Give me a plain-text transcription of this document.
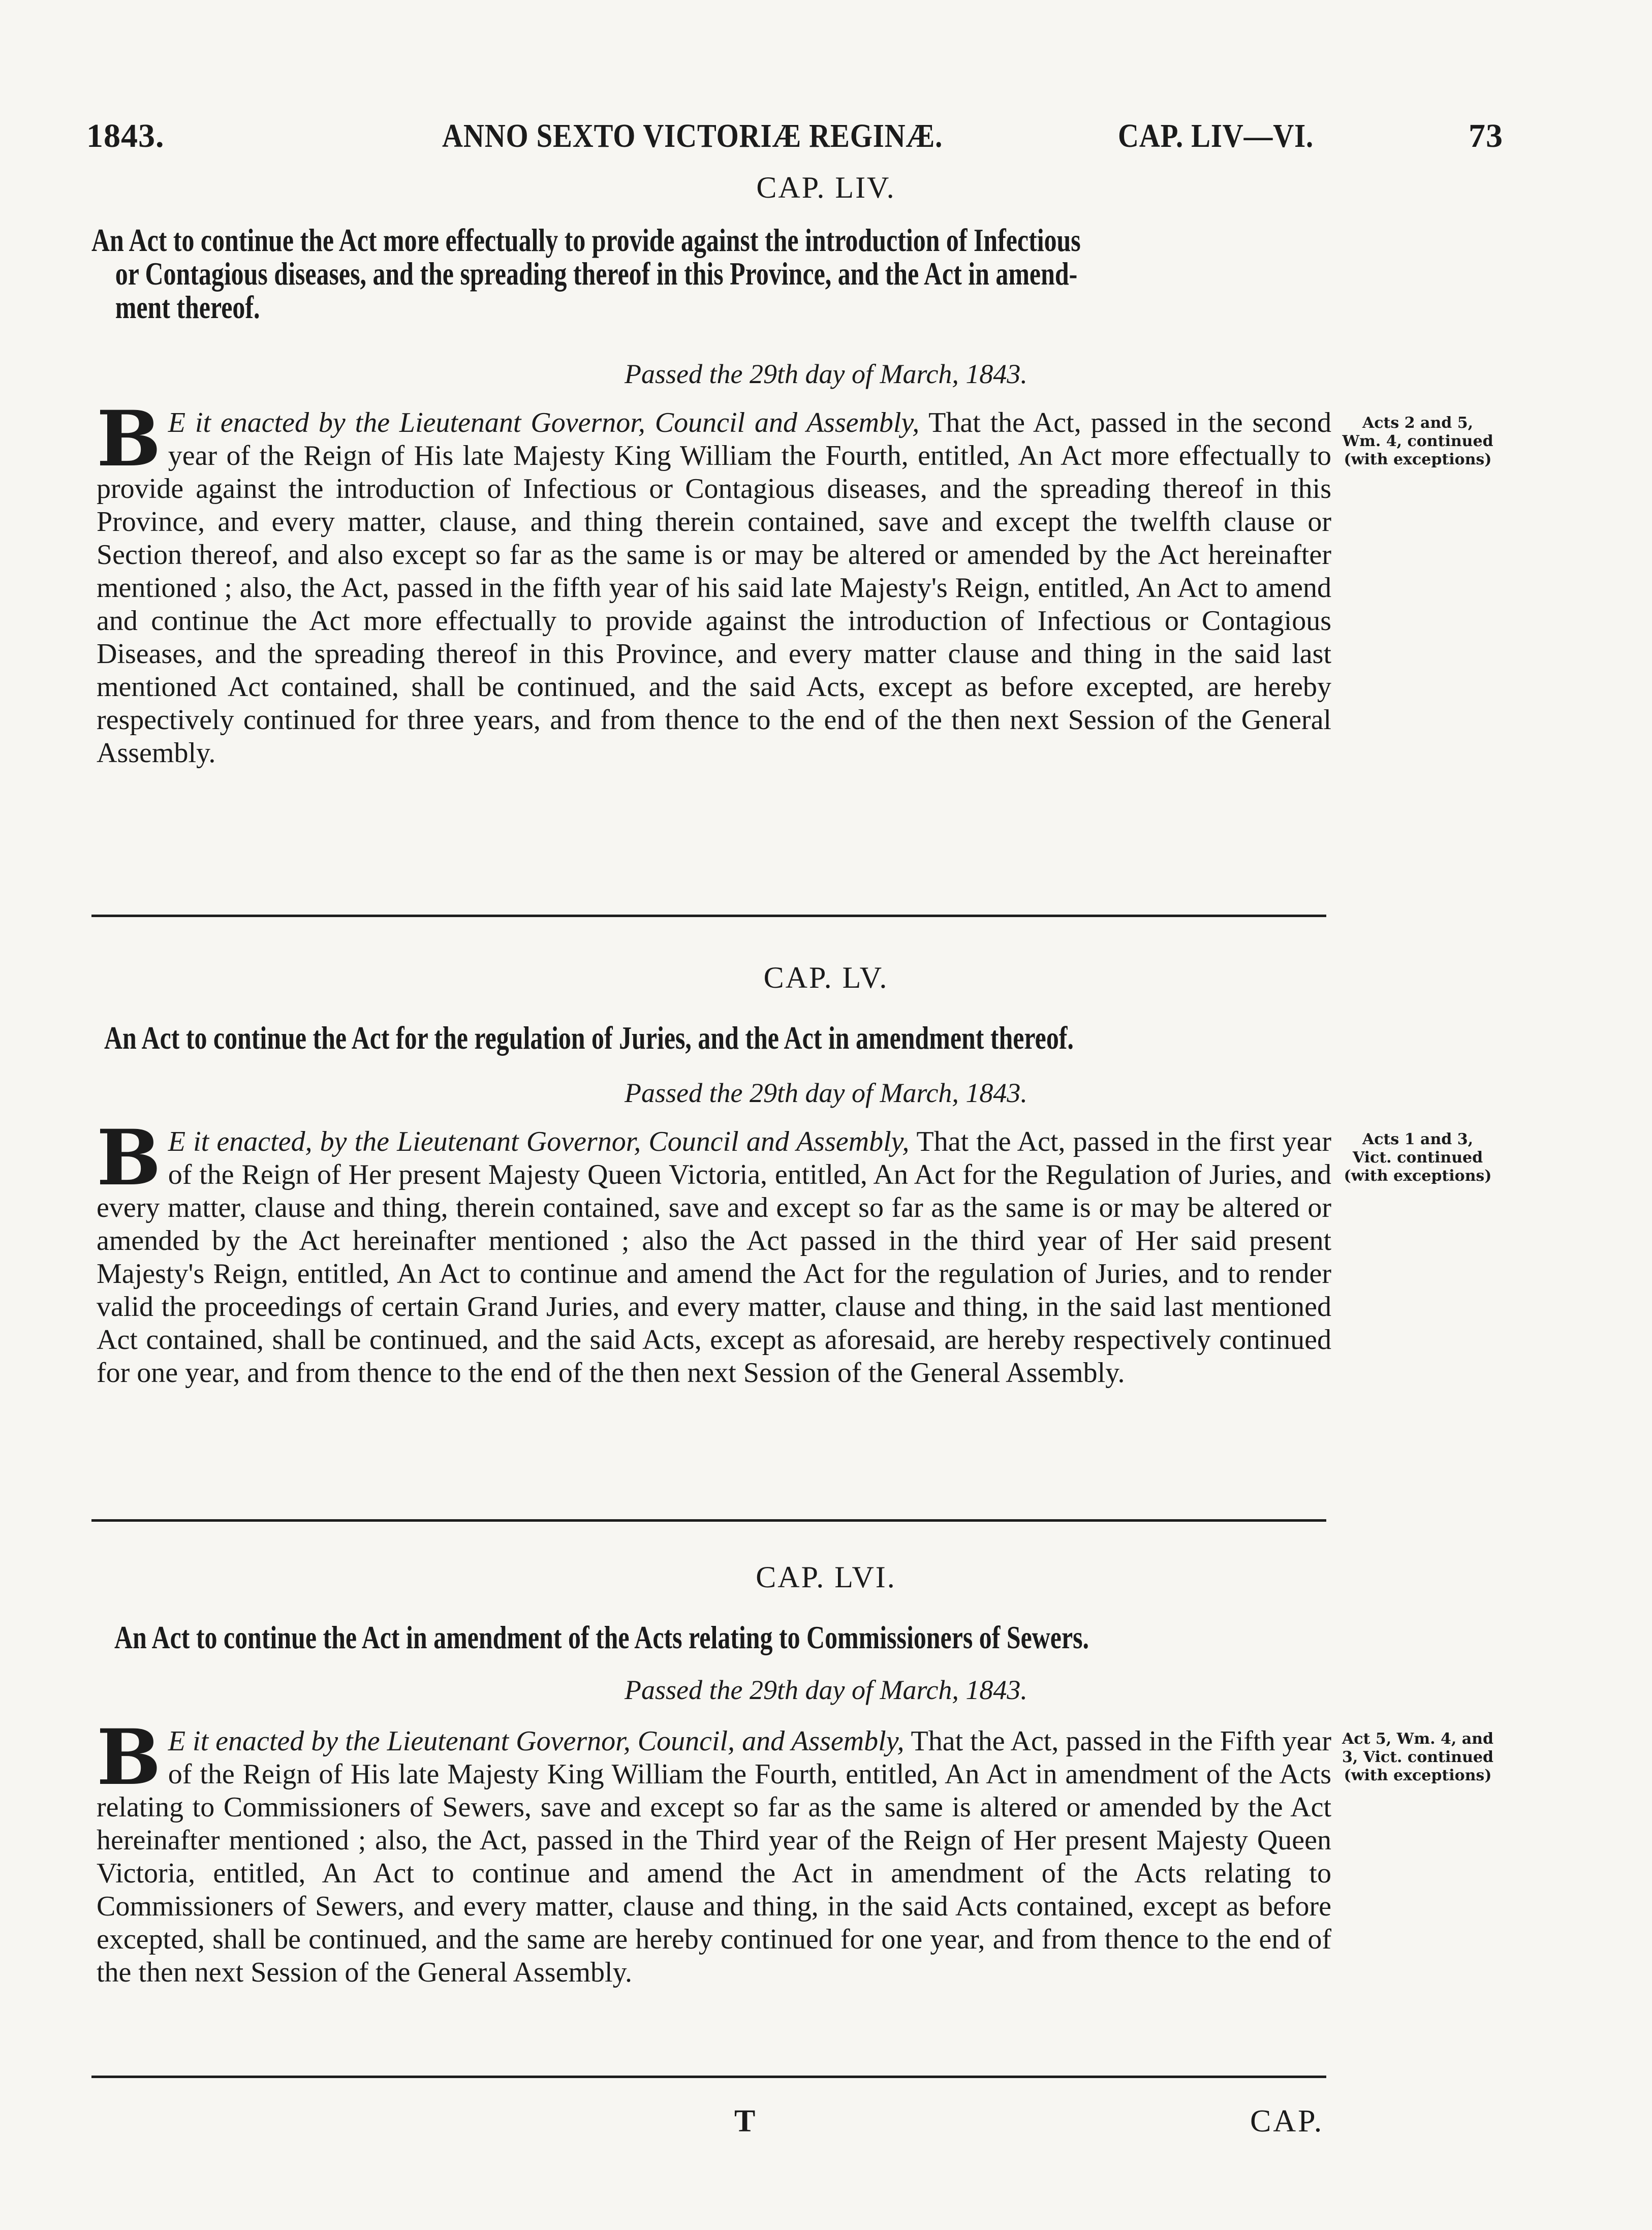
1843.	ANNO SEXTO VICTORIÆ REGINÆ.	CAP. LIV—VI.	73
CAP. LIV.
An Act to continue the Act more effectually to provide against the introduction of Infectious
or Contagious diseases, and the spreading thereof in this Province, and the Act in amend-
ment thereof.
Passed the 29th day of March, 1843.
B E it enacted by the Lieutenant Governor, Council and Assembly, That the Act, passed in the second year of the Reign of His late Majesty King William the Fourth, entitled, An Act more effectually to provide against the introduction of Infectious or Contagious diseases, and the spreading thereof in this Province, and every matter, clause, and thing therein contained, save and except the twelfth clause or Section thereof, and also except so far as the same is or may be altered or amended by the Act hereinafter mentioned ; also, the Act, passed in the fifth year of his said late Majesty's Reign, entitled, An Act to amend and continue the Act more effectually to provide against the introduction of Infectious or Contagious Diseases, and the spreading thereof in this Province, and every matter clause and thing in the said last mentioned Act contained, shall be continued, and the said Acts, except as before excepted, are hereby respectively continued for three years, and from thence to the end of the then next Session of the General Assembly.
Acts 2 and 5, Wm. 4, continued (with exceptions)
CAP. LV.
An Act to continue the Act for the regulation of Juries, and the Act in amendment thereof.
Passed the 29th day of March, 1843.
B E it enacted, by the Lieutenant Governor, Council and Assembly, That the Act, passed in the first year of the Reign of Her present Majesty Queen Victoria, entitled, An Act for the Regulation of Juries, and every matter, clause and thing, therein contained, save and except so far as the same is or may be altered or amended by the Act hereinafter mentioned ; also the Act passed in the third year of Her said present Majesty's Reign, entitled, An Act to continue and amend the Act for the regulation of Juries, and to render valid the proceedings of certain Grand Juries, and every matter, clause and thing, in the said last mentioned Act contained, shall be continued, and the said Acts, except as aforesaid, are hereby respectively continued for one year, and from thence to the end of the then next Session of the General Assembly.
Acts 1 and 3, Vict. continued (with exceptions)
CAP. LVI.
An Act to continue the Act in amendment of the Acts relating to Commissioners of Sewers.
Passed the 29th day of March, 1843.
B E it enacted by the Lieutenant Governor, Council, and Assembly, That the Act, passed in the Fifth year of the Reign of His late Majesty King William the Fourth, entitled, An Act in amendment of the Acts relating to Commissioners of Sewers, save and except so far as the same is altered or amended by the Act hereinafter mentioned ; also, the Act, passed in the Third year of the Reign of Her present Majesty Queen Victoria, entitled, An Act to continue and amend the Act in amendment of the Acts relating to Commissioners of Sewers, and every matter, clause and thing, in the said Acts contained, except as before excepted, shall be continued, and the same are hereby continued for one year, and from thence to the end of the then next Session of the General Assembly.
Act 5, Wm. 4, and 3, Vict. continued (with exceptions)
T	CAP.
